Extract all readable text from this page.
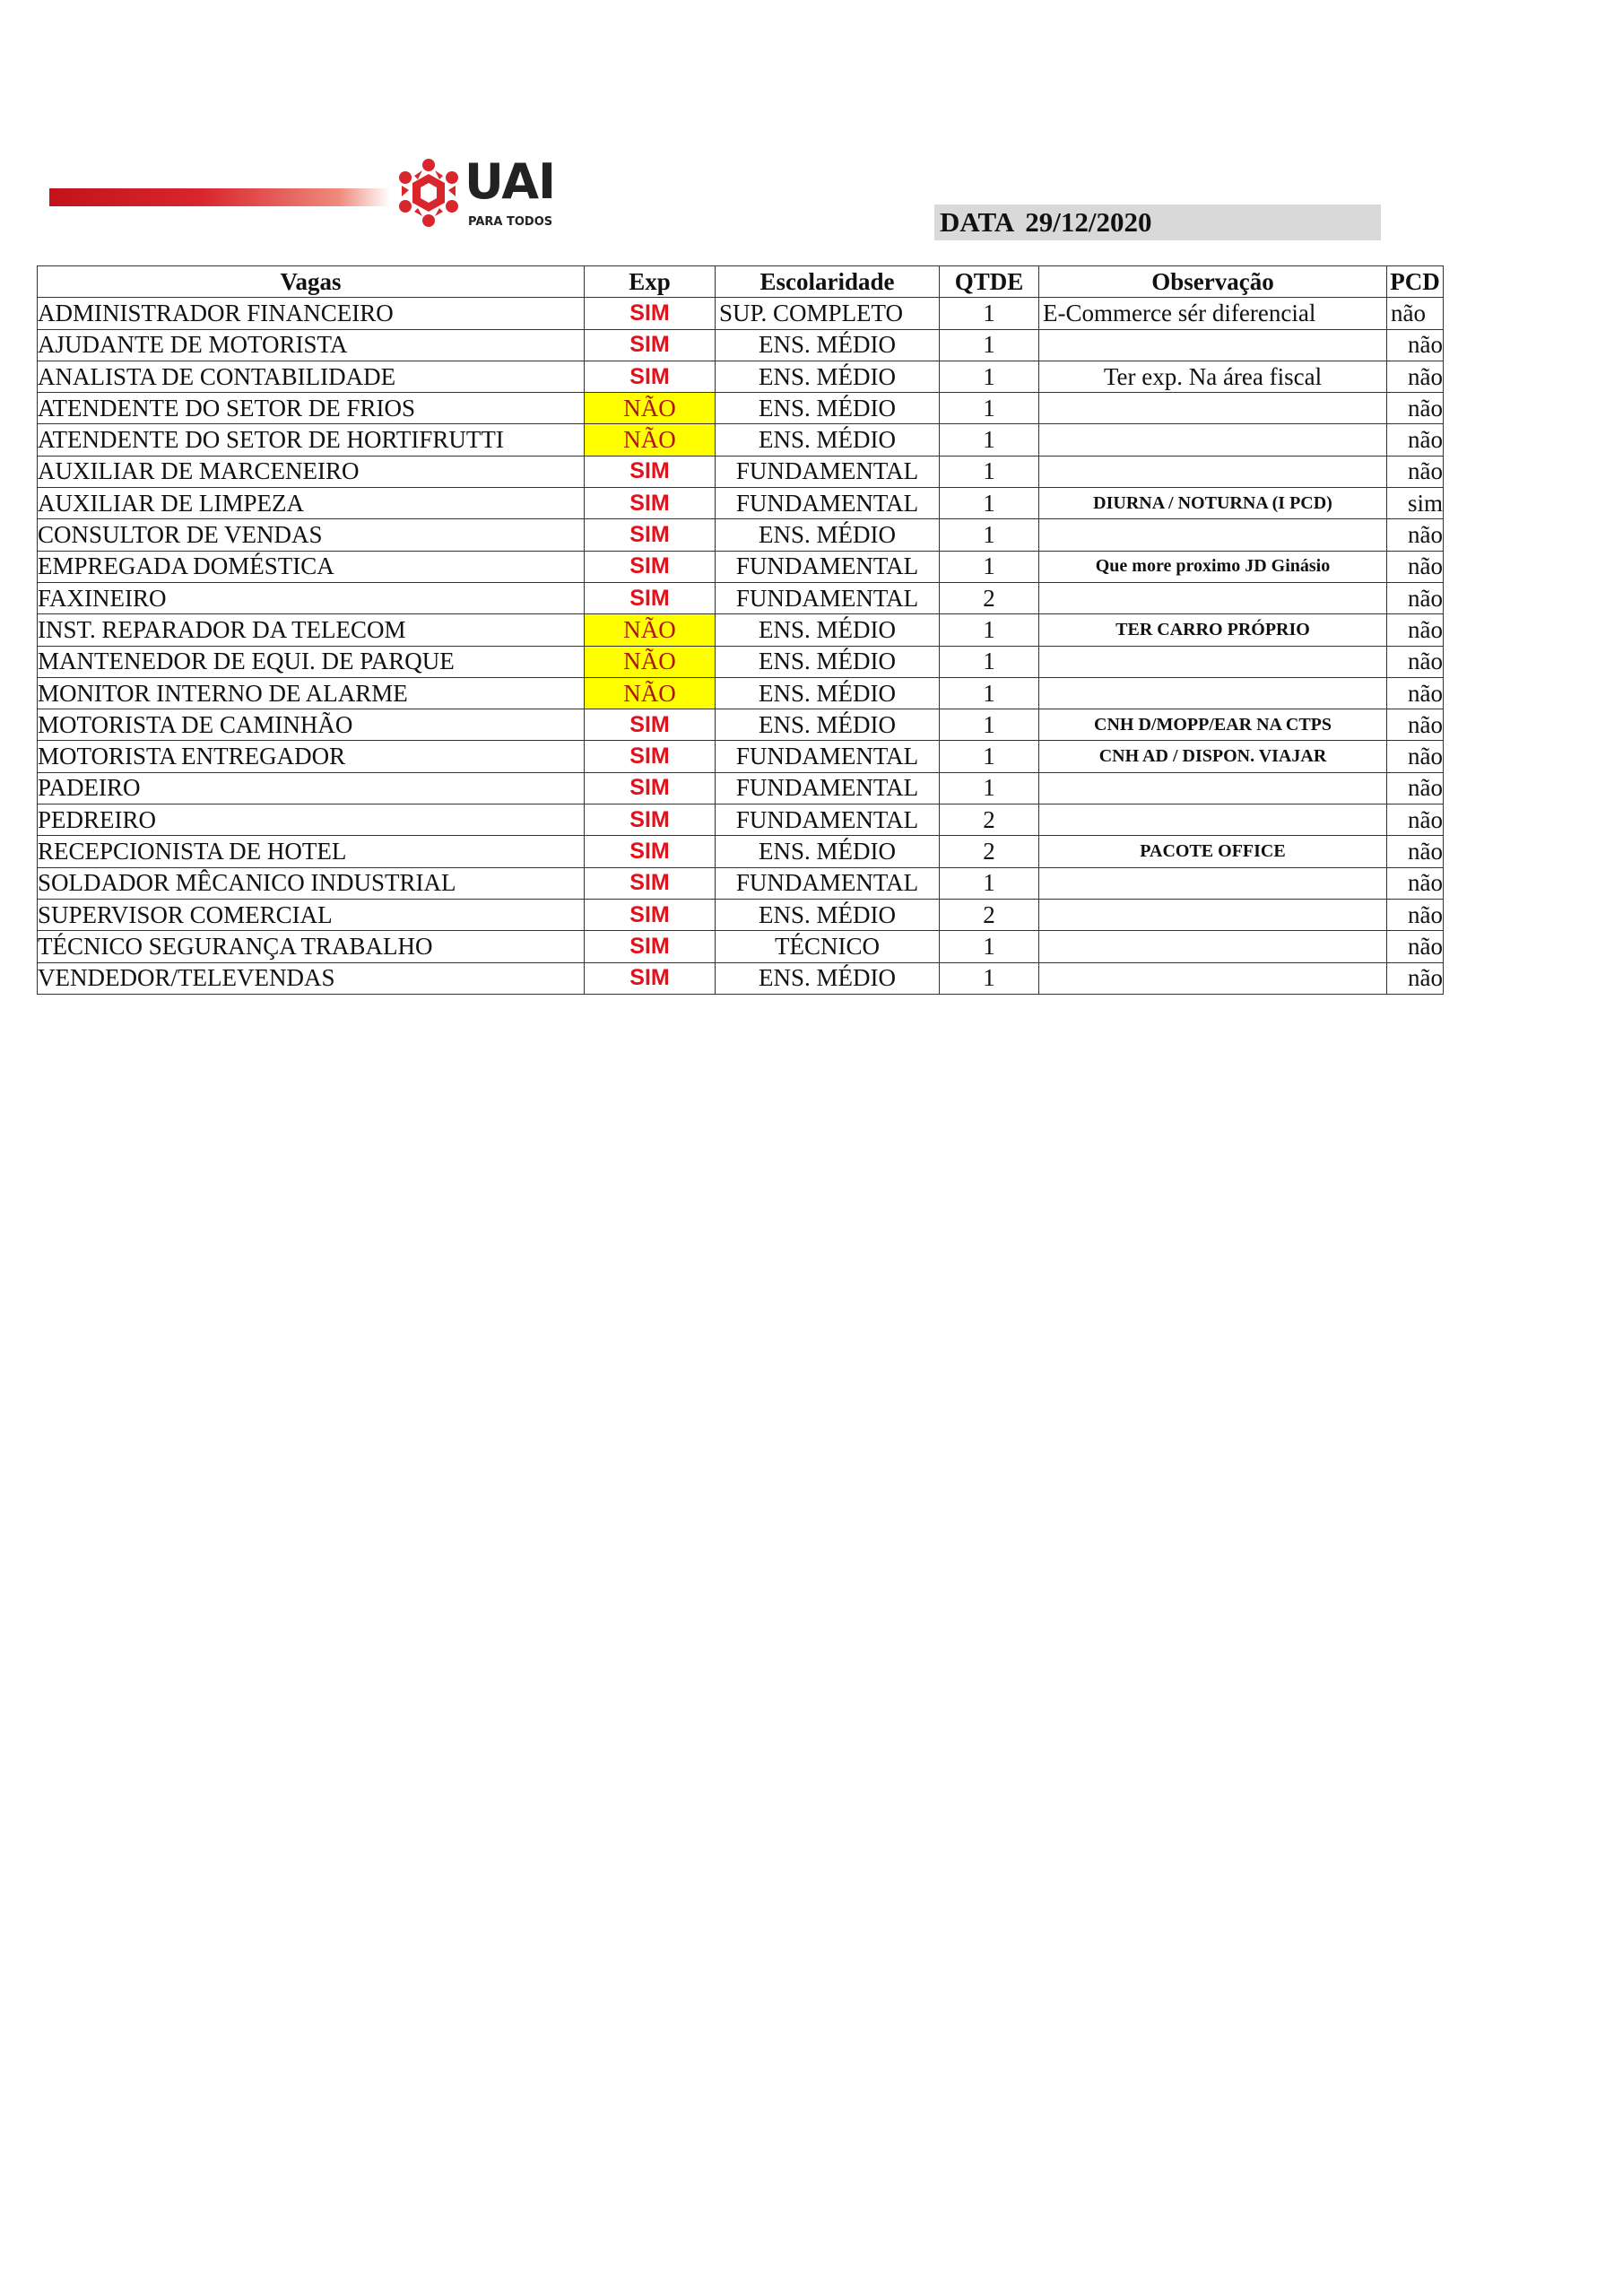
UAI
PARA TODOS	DATA 29/12/2020
Vagas	Exp	Escolaridade	QTDE	Observação	PCD
ADMINISTRADOR FINANCEIRO	SIM	SUP. COMPLETO	1	E-Commerce sér diferencial	não
AJUDANTE DE MOTORISTA	SIM	ENS. MÉDIO	1		não
ANALISTA DE CONTABILIDADE	SIM	ENS. MÉDIO	1	Ter exp. Na área fiscal	não
ATENDENTE DO SETOR DE FRIOS	NÃO	ENS. MÉDIO	1		não
ATENDENTE DO SETOR DE HORTIFRUTTI	NÃO	ENS. MÉDIO	1		não
AUXILIAR DE MARCENEIRO	SIM	FUNDAMENTAL	1		não
AUXILIAR DE LIMPEZA	SIM	FUNDAMENTAL	1	DIURNA / NOTURNA (I PCD)	sim
CONSULTOR DE VENDAS	SIM	ENS. MÉDIO	1		não
EMPREGADA DOMÉSTICA	SIM	FUNDAMENTAL	1	Que more proximo JD Ginásio	não
FAXINEIRO	SIM	FUNDAMENTAL	2		não
INST. REPARADOR DA TELECOM	NÃO	ENS. MÉDIO	1	TER CARRO PRÓPRIO	não
MANTENEDOR DE EQUI. DE PARQUE	NÃO	ENS. MÉDIO	1		não
MONITOR INTERNO DE ALARME	NÃO	ENS. MÉDIO	1		não
MOTORISTA DE CAMINHÃO	SIM	ENS. MÉDIO	1	CNH D/MOPP/EAR NA CTPS	não
MOTORISTA ENTREGADOR	SIM	FUNDAMENTAL	1	CNH AD / DISPON. VIAJAR	não
PADEIRO	SIM	FUNDAMENTAL	1		não
PEDREIRO	SIM	FUNDAMENTAL	2		não
RECEPCIONISTA DE HOTEL	SIM	ENS. MÉDIO	2	PACOTE OFFICE	não
SOLDADOR MÊCANICO INDUSTRIAL	SIM	FUNDAMENTAL	1		não
SUPERVISOR COMERCIAL	SIM	ENS. MÉDIO	2		não
TÉCNICO SEGURANÇA TRABALHO	SIM	TÉCNICO	1		não
VENDEDOR/TELEVENDAS	SIM	ENS. MÉDIO	1		não
